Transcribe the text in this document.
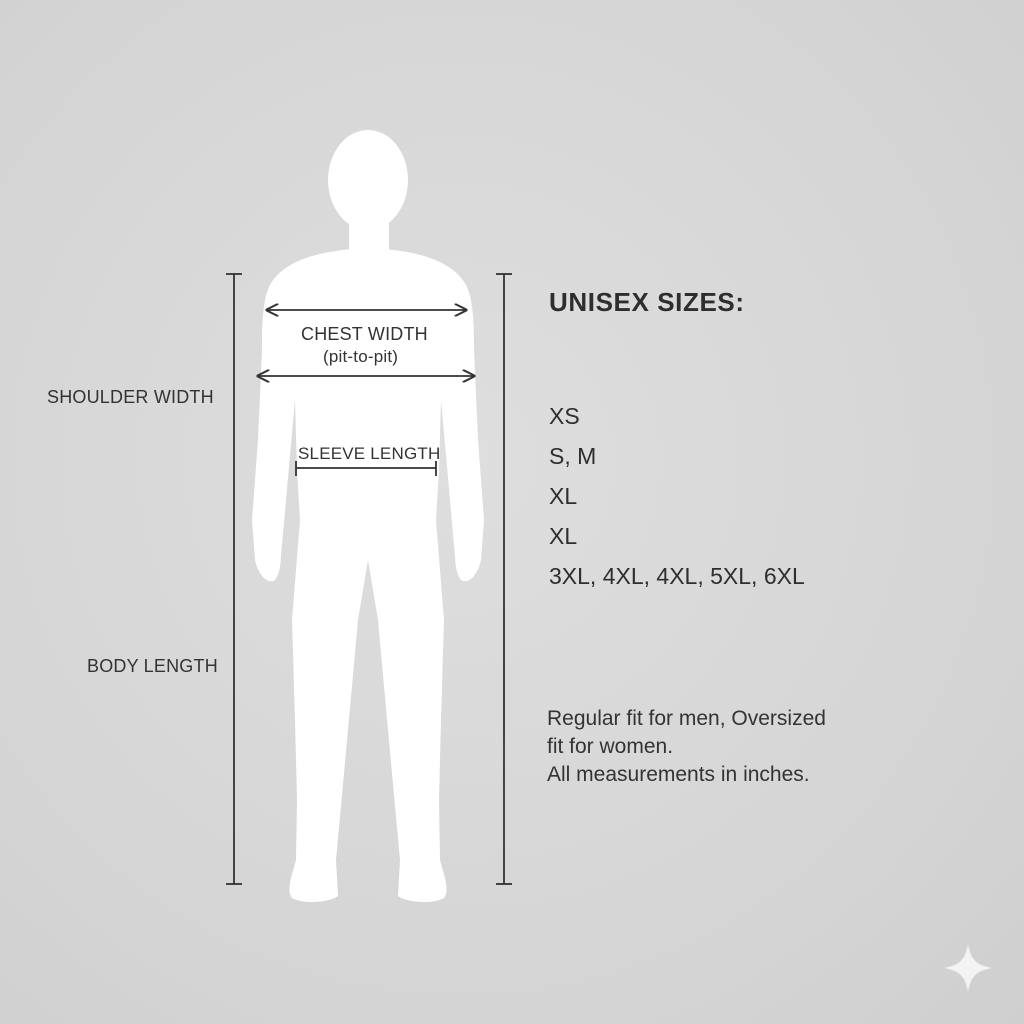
CHEST WIDTH
(pit-to-pit)
SHOULDER WIDTH
SLEEVE LENGTH
BODY LENGTH
UNISEX SIZES:
XS
S, M
XL
XL
3XL, 4XL, 4XL, 5XL, 6XL
Regular fit for men, Oversized
fit for women.
All measurements in inches.
